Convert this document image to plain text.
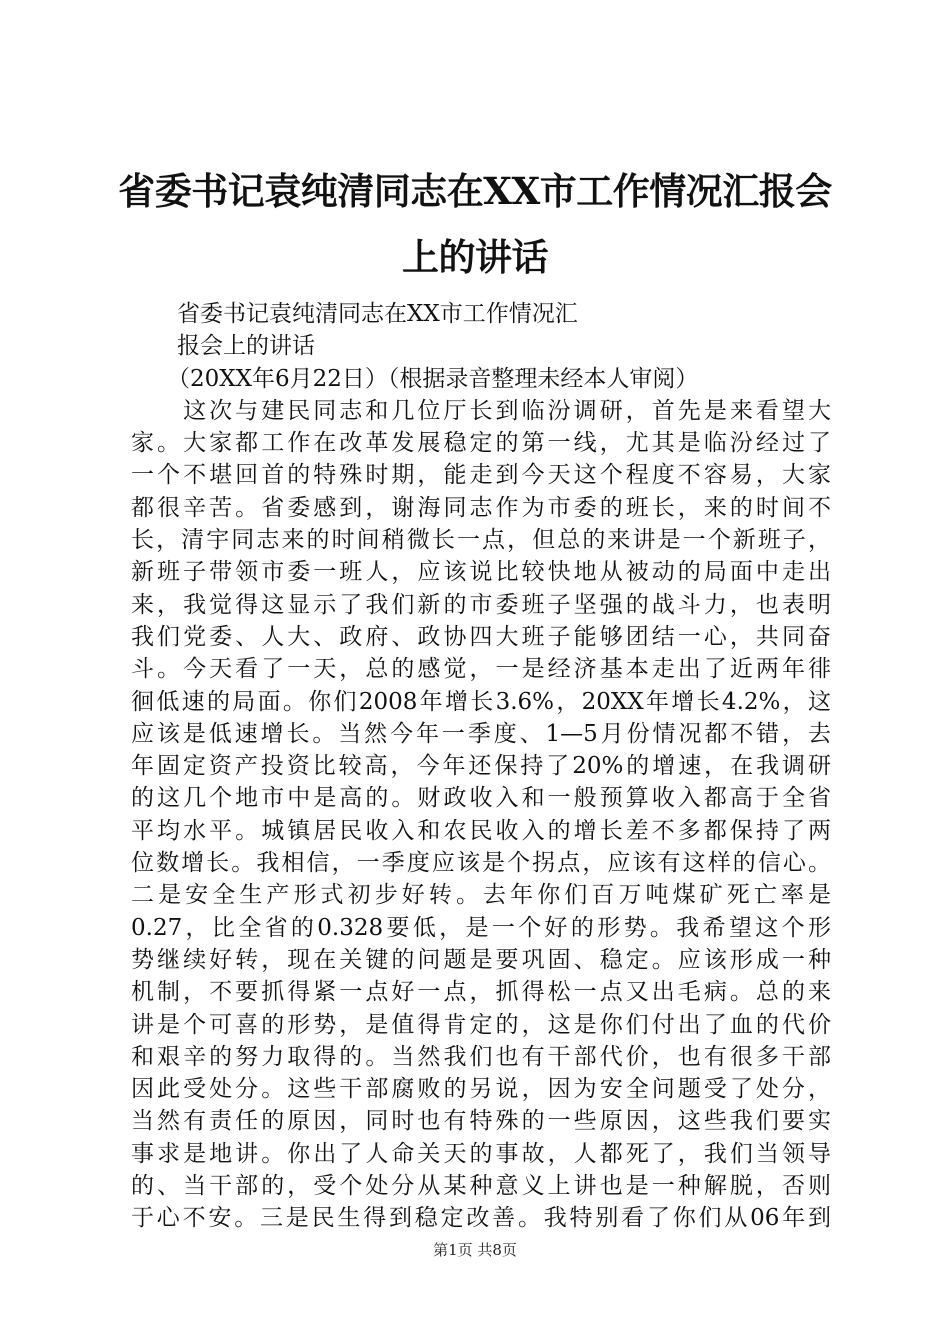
省委书记袁纯清同志在XX市工作情况汇报会
上的讲话
省委书记袁纯清同志在XX市工作情况汇
报会上的讲话
（20XX年6月22日）（根据录音整理未经本人审阅）
　　这次与建民同志和几位厅长到临汾调研，首先是来看望大
家。大家都工作在改革发展稳定的第一线，尤其是临汾经过了
一个不堪回首的特殊时期，能走到今天这个程度不容易，大家
都很辛苦。省委感到，谢海同志作为市委的班长，来的时间不
长，清宇同志来的时间稍微长一点，但总的来讲是一个新班子，
新班子带领市委一班人，应该说比较快地从被动的局面中走出
来，我觉得这显示了我们新的市委班子坚强的战斗力，也表明
我们党委、人大、政府、政协四大班子能够团结一心，共同奋
斗。今天看了一天，总的感觉，一是经济基本走出了近两年徘
徊低速的局面。你们2008年增长3.6%，20XX年增长4.2%，这
应该是低速增长。当然今年一季度、1—5月份情况都不错，去
年固定资产投资比较高，今年还保持了20%的增速，在我调研
的这几个地市中是高的。财政收入和一般预算收入都高于全省
平均水平。城镇居民收入和农民收入的增长差不多都保持了两
位数增长。我相信，一季度应该是个拐点，应该有这样的信心。
二是安全生产形式初步好转。去年你们百万吨煤矿死亡率是
0.27，比全省的0.328要低，是一个好的形势。我希望这个形
势继续好转，现在关键的问题是要巩固、稳定。应该形成一种
机制，不要抓得紧一点好一点，抓得松一点又出毛病。总的来
讲是个可喜的形势，是值得肯定的，这是你们付出了血的代价
和艰辛的努力取得的。当然我们也有干部代价，也有很多干部
因此受处分。这些干部腐败的另说，因为安全问题受了处分，
当然有责任的原因，同时也有特殊的一些原因，这些我们要实
事求是地讲。你出了人命关天的事故，人都死了，我们当领导
的、当干部的，受个处分从某种意义上讲也是一种解脱，否则
于心不安。三是民生得到稳定改善。我特别看了你们从06年到
第1页 共8页
